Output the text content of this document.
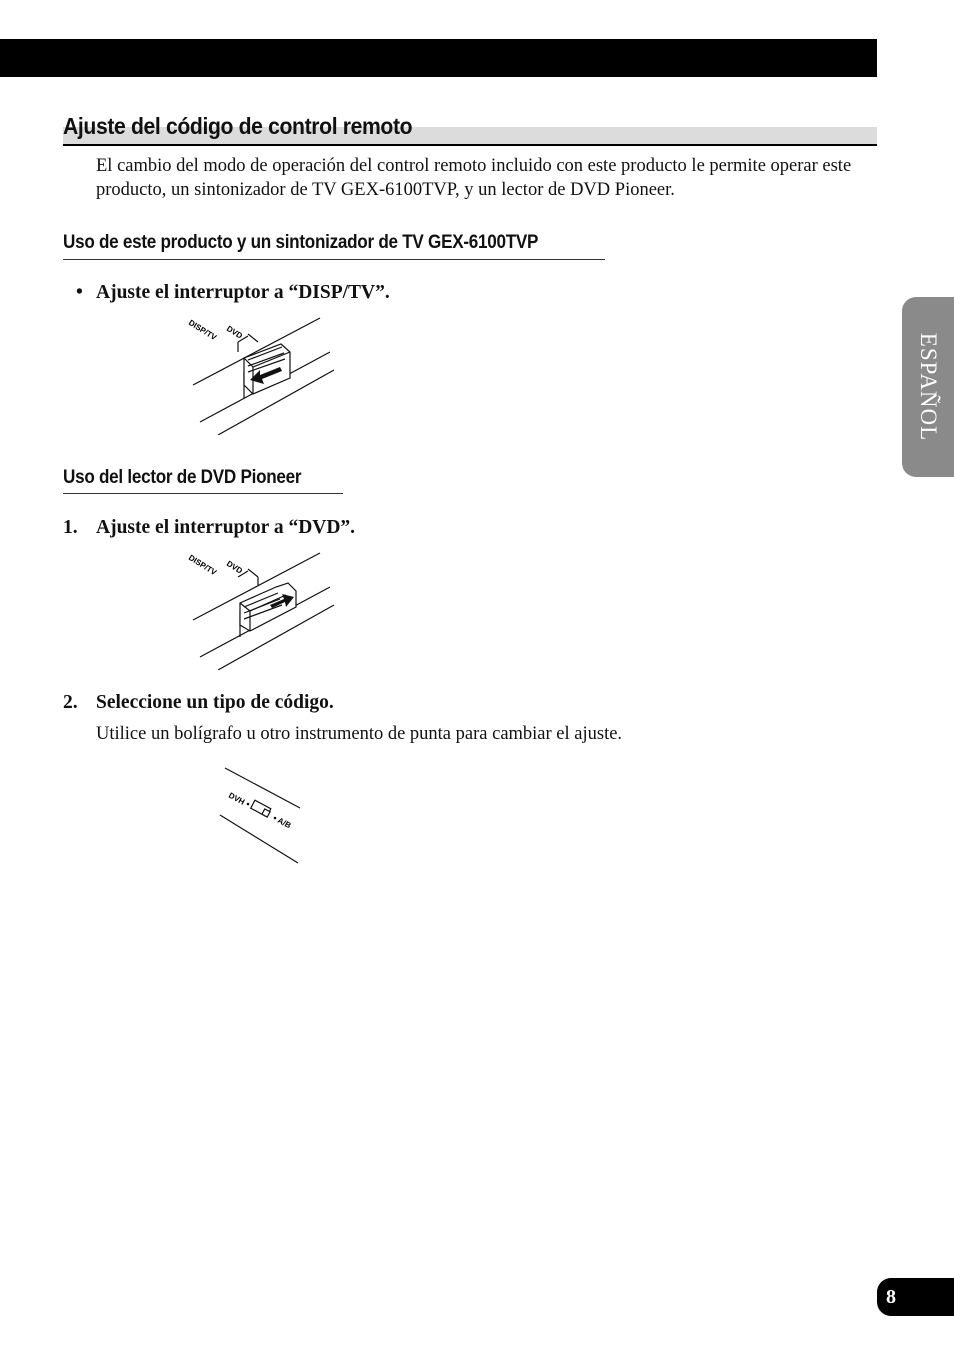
Ajuste del código de control remoto

El cambio del modo de operación del control remoto incluido con este producto le permite operar este producto, un sintonizador de TV GEX-6100TVP, y un lector de DVD Pioneer.

Uso de este producto y un sintonizador de TV GEX-6100TVP
• Ajuste el interruptor a “DISP/TV”.
DVD
DISP/TV
Uso del lector de DVD Pioneer
1. Ajuste el interruptor a “DVD”.
DVD
DISP/TV
2. Seleccione un tipo de código.

Utilice un bolígrafo u otro instrumento de punta para cambiar el ajuste.

DVH
A/B
ESPAÑOL
8
